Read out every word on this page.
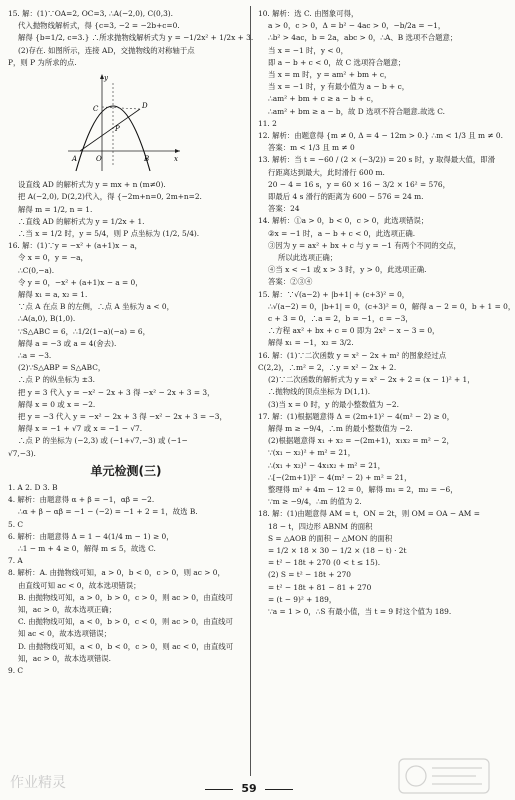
15. 解：(1)∵OA=2, OC=3, ∴A(−2,0), C(0,3).
代入抛物线解析式，得 {c=3, −2 = −2b+c=0.
解得 {b=1/2, c=3.} ∴所求抛物线解析式为 y = −1/2x² + 1/2x + 3.
(2)存在. 如图所示，连接 AD，交抛物线的对称轴于点
P，则 P 为所求的点.
y
x
A	O	B
C	D
P
设直线 AD 的解析式为 y = mx + n (m≠0).
把 A(−2,0), D(2,2)代入，得 {−2m+n=0, 2m+n=2.
解得 m = 1/2, n = 1.
∴直线 AD 的解析式为 y = 1/2x + 1.
∴当 x = 1/2 时，y = 5/4，则 P 点坐标为 (1/2, 5/4).
16. 解：(1)∵y = −x² + (a+1)x − a，
令 x = 0，y = −a，
∴C(0,−a).
令 y = 0，−x² + (a+1)x − a = 0，
解得 x₁ = a, x₂ = 1.
∵点 A 在点 B 的左侧，∴点 A 坐标为 a < 0，
∴A(a,0), B(1,0).
∵S△ABC = 6，∴1/2(1−a)(−a) = 6，
解得 a = −3 或 a = 4(舍去).
∴a = −3.
(2)∵S△ABP = S△ABC，
∴点 P 的纵坐标为 ±3.
把 y = 3 代入 y = −x² − 2x + 3 得 −x² − 2x + 3 = 3，
解得 x = 0 或 x = −2.
把 y = −3 代入 y = −x² − 2x + 3 得 −x² − 2x + 3 = −3，
解得 x = −1 + √7 或 x = −1 − √7.
∴点 P 的坐标为 (−2,3) 或 (−1+√7,−3) 或 (−1−
√7,−3).
单元检测(三)
1. A 2. D 3. B
4. 解析：由题意得 α + β = −1，αβ = −2.
∴α + β − αβ = −1 − (−2) = −1 + 2 = 1，故选 B.
5. C
6. 解析：由题意得 Δ = 1 − 4(1/4 m − 1) ≥ 0，
∴1 − m + 4 ≥ 0，解得 m ≤ 5，故选 C.
7. A
8. 解析：A. 由抛物线可知，a > 0，b < 0，c > 0，则 ac > 0，
由直线可知 ac < 0，故本选项错误；
B. 由抛物线可知，a > 0，b > 0，c > 0，则 ac > 0，由直线可
知，ac > 0，故本选项正确；
C. 由抛物线可知，a < 0，b > 0，c < 0，则 ac > 0，由直线可
知 ac < 0，故本选项错误；
D. 由抛物线可知，a < 0，b < 0，c > 0，则 ac < 0，由直线可
知，ac > 0，故本选项错误.
9. C
10. 解析：选 C. 由图象可得，
a > 0，c > 0，Δ = b² − 4ac > 0，−b/2a = −1，
∴b² > 4ac，b = 2a，abc > 0，∴A、B 选项不合题意；
当 x = −1 时，y < 0，
即 a − b + c < 0，故 C 选项符合题意；
当 x = m 时，y = am² + bm + c，
当 x = −1 时，y 有最小值为 a − b + c，
∴am² + bm + c ≥ a − b + c，
∴am² + bm ≥ a − b，故 D 选项不符合题意.故选 C.
11. 2
12. 解析：由题意得 {m ≠ 0, Δ = 4 − 12m > 0.} ∴m < 1/3 且 m ≠ 0.
答案：m < 1/3 且 m ≠ 0
13. 解析：当 t = −60 / (2 × (−3/2)) = 20 s 时，y 取得最大值，即滑
行距离达到最大，此时滑行 600 m.
20 − 4 = 16 s，y = 60 × 16 − 3/2 × 16² = 576，
即最后 4 s 滑行的距离为 600 − 576 = 24 m.
答案：24
14. 解析：①a > 0，b < 0，c > 0，此选项错误；
②x = −1 时，a − b + c < 0，此选项正确.
③因为 y = ax² + bx + c 与 y = −1 有两个不同的交点，
所以此选项正确；
④当 x < −1 或 x > 3 时，y > 0，此选项正确.
答案：②③④
15. 解：∵√(a−2) + |b+1| + (c+3)² = 0，
∴√(a−2) = 0，|b+1| = 0，(c+3)² = 0，解得 a − 2 = 0，b + 1 = 0，
c + 3 = 0，∴a = 2，b = −1，c = −3，
∴方程 ax² + bx + c = 0 即为 2x² − x − 3 = 0，
解得 x₁ = −1，x₂ = 3/2.
16. 解：(1)∵二次函数 y = x² − 2x + m² 的图象经过点
C(2,2)，∴m² = 2，∴y = x² − 2x + 2.
(2)∵二次函数的解析式为 y = x² − 2x + 2 = (x − 1)² + 1，
∴抛物线的顶点坐标为 D(1,1).
(3)当 x = 0 时，y 的最小整数值为 −2.
17. 解：(1)根据题意得 Δ = (2m+1)² − 4(m² − 2) ≥ 0，
解得 m ≥ −9/4，∴m 的最小整数值为 −2.
(2)根据题意得 x₁ + x₂ = −(2m+1)，x₁x₂ = m² − 2，
∵(x₁ − x₂)² + m² = 21，
∴(x₁ + x₂)² − 4x₁x₂ + m² = 21，
∴[−(2m+1)]² − 4(m² − 2) + m² = 21，
整理得 m² + 4m − 12 = 0，解得 m₁ = 2，m₂ = −6，
∵m ≥ −9/4，∴m 的值为 2.
18. 解：(1)由题意得 AM = t，ON = 2t，则 OM = OA − AM =
18 − t，四边形 ABNM 的面积
S = △AOB 的面积 − △MON 的面积
= 1/2 × 18 × 30 − 1/2 × (18 − t) · 2t
= t² − 18t + 270 (0 < t ≤ 15).
(2) S = t² − 18t + 270
= t² − 18t + 81 − 81 + 270
= (t − 9)² + 189，
∵a = 1 > 0，∴S 有最小值，当 t = 9 时这个值为 189.
59
作业精灵
